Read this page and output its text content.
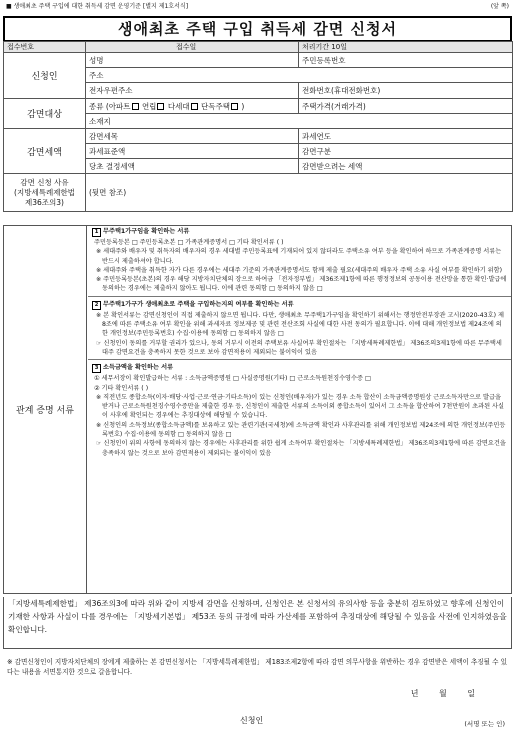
■ 생애최초 주택 구입에 대한 취득세 감면 운영기준 [별지 제1호서식]	(앞 쪽)
생애최초 주택 구입 취득세 감면 신청서
접수번호	접수일	처리기간 10일
신청인	성명	주민등록번호
	주소	
	전자우편주소	전화번호(휴대전화번호)
감면대상	종류 (아파트 연립 다세대 단독주택 )	주택가격(거래가격)
	소재지	
감면세액	감면세목	과세연도
	과세표준액	감면구분
	당초 결정세액	감면받으려는 세액

감면 신청 사유
(지방세특례제한법
제36조의3)	(뒷면 참조)	
관계 증명 서류
1 무주택1가구임을 확인하는 서류
주민등록등본 □ 주민등록초본 □ 가족관계증명서 □ 기타 확인서류 ( )
※ 세대주와 배우자 및 취득자의 배우자의 경우 세대별 주민등록표에 기재되어 있지 않더라도 주택소유 여부 등을 확인하여 하므로 가족관계증명 서류는 반드시 제출하셔야 합니다.
※ 세대주와 주택을 취득한 자가 다른 경우에는 세대주 기준의 가족관계증명서도 함께 제출 필요(세대주의 배우자 주택 소유 사실 여부를 확인하기 위함)
※ 주민등록등본(초본)의 경우 해당 지방자치단체의 장으로 하여금 「전자정부법」 제36조제1항에 따른 행정정보의 공동이용 전산망을 통한 확인·발급에 동의하는 경우에는 제출하지 않아도 됩니다. 이에 관련 동의함 □ 동의하지 않음 □
2 무주택1가구가 생애최초로 주택을 구입하는지의 여부를 확인하는 서류
※ 본 확인서류는 감면신청인이 직접 제출하지 않으면 됩니다. 다만, 생애최초 무주택1가구임을 확인하기 위해서는 행정안전부장관 고시(2020-43호) 제8조에 따른 주택소유 여부 확인을 위해 과세자료 정보제공 및 관련 전산조회 사실에 대한 사전 동의가 필요합니다. 이에 대해 개인정보법 제24조에 의한 개인정보(주민등록번호) 수집·이용에 동의함 □ 동의하지 않음 □
☞ 신청인이 동의를 거부할 권리가 있으나, 동의 거부시 이전의 주택보유 사실여부 확인절차는 「지방세특례제한법」 제36조의3제1항에 따른 무주택세대주 감면요건을 충족하지 못한 것으로 보아 감면적용이 제외되는 불이익이 있음
3 소득금액을 확인하는 서류
① 세무서장이 확인발급하는 서류 : 소득금액증명원 □ 사실증명원(기타) □ 근로소득원천징수영수증 □
② 기타 확인서류 ( )
※ 직전년도 종합소득(이자·배당·사업·근로·연금·기타소득)이 있는 신청인(배우자)가 있는 경우 소득 합산이 소득금액증명원상 근로소득자만으로 발급을 받거나 근로소득원천징수영수증만을 제출한 경우 등, 신청인이 제출한 서류의 소득이외 종합소득이 있어서 그 소득을 합산하여 7천만원이 초과된 사실이 사후에 확인되는 경우에는 추징대상에 해당될 수 있습니다.
※ 신청인의 소득정보(종합소득금액)를 보유하고 있는 관련기관(국세청)에 소득금액 확인과 사후관리를 위해 개인정보법 제24조에 의한 개인정보(주민등록번호) 수집·이용에 동의함 □ 동의하지 않음 □
☞ 신청인이 위의 사항에 동의하지 않는 경우에는 사후관리를 위한 쉽게 소득여부 확인절차는 「지방세특례제한법」 제36조의3제1항에 따른 감면요건을 충족하지 않는 것으로 보아 감면적용이 제외되는 불이익이 있음
「지방세특례제한법」 제36조의3에 따라 위와 같이 지방세 감면을 신청하며, 신청인은 본 신청서의 유의사항 등을 충분히 검토하였고 향후에 신청인이 기재한 사항과 사실이 다를 경우에는 「지방세기본법」 제53조 등의 규정에 따라 가산세를 포함하여 추징대상에 해당될 수 있음을 사전에 인지하였음을 확인합니다.
※ 감면신청인이 지방자치단체의 장에게 제출하는 본 감면신청서는 「지방세특례제한법」 제183조제2항에 따라 감면 의무사항을 위반하는 경우 감면받은 세액이 추징될 수 있다는 내용을 서면통지한 것으로 갈음합니다.
년 월 일
신청인	(서명 또는 인)
